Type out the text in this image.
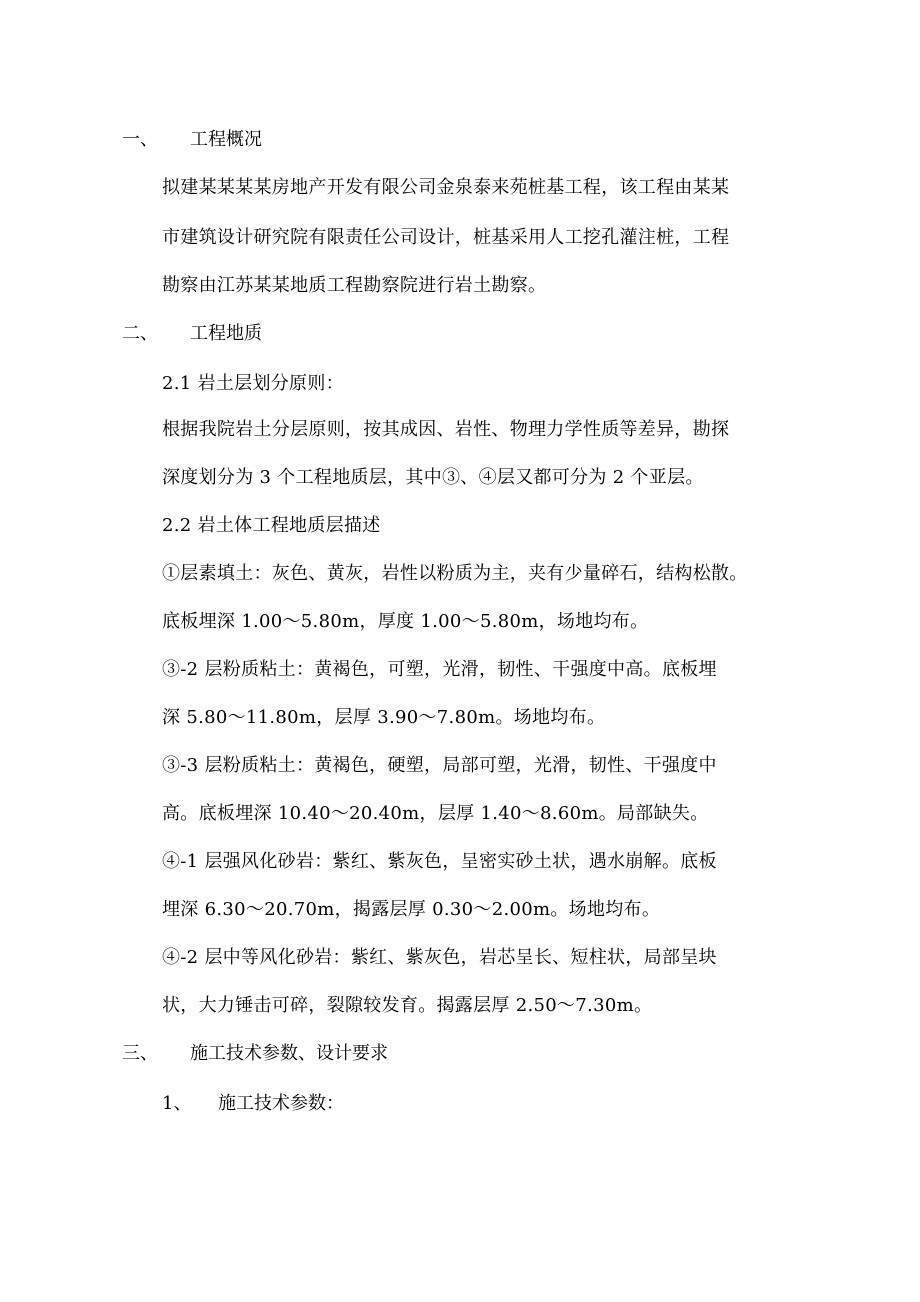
一、 工程概况
拟建某某某某房地产开发有限公司金泉泰来苑桩基工程，该工程由某某
市建筑设计研究院有限责任公司设计，桩基采用人工挖孔灌注桩，工程
勘察由江苏某某地质工程勘察院进行岩土勘察。
二、 工程地质
2.1 岩土层划分原则：
根据我院岩土分层原则，按其成因、岩性、物理力学性质等差异，勘探
深度划分为 3 个工程地质层，其中③、④层又都可分为 2 个亚层。
2.2 岩土体工程地质层描述
①层素填土：灰色、黄灰，岩性以粉质为主，夹有少量碎石，结构松散。
底板埋深 1.00～5.80m，厚度 1.00～5.80m，场地均布。
③-2 层粉质粘土：黄褐色，可塑，光滑，韧性、干强度中高。底板埋
深 5.80～11.80m，层厚 3.90～7.80m。场地均布。
③-3 层粉质粘土：黄褐色，硬塑，局部可塑，光滑，韧性、干强度中
高。底板埋深 10.40～20.40m，层厚 1.40～8.60m。局部缺失。
④-1 层强风化砂岩：紫红、紫灰色，呈密实砂土状，遇水崩解。底板
埋深 6.30～20.70m，揭露层厚 0.30～2.00m。场地均布。
④-2 层中等风化砂岩：紫红、紫灰色，岩芯呈长、短柱状，局部呈块
状，大力锤击可碎，裂隙较发育。揭露层厚 2.50～7.30m。
三、 施工技术参数、设计要求
1、 施工技术参数：
